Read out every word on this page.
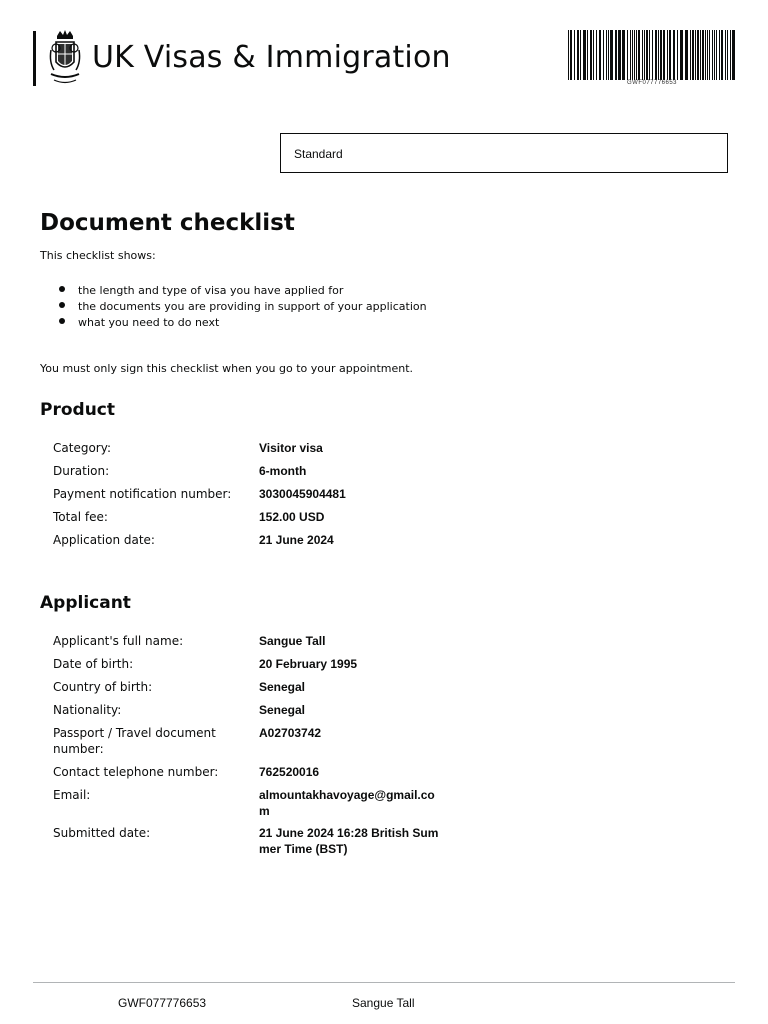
UK Visas & Immigration
GWF077776653
Standard
Document checklist
This checklist shows:
the length and type of visa you have applied for
the documents you are providing in support of your application
what you need to do next
You must only sign this checklist when you go to your appointment.
Product
Category:	Visitor visa
Duration:	6-month
Payment notification number: 3030045904481
Total fee:	152.00 USD
Application date:	21 June 2024
Applicant
Applicant's full name:	Sangue Tall
Date of birth:	20 February 1995
Country of birth:	Senegal
Nationality:	Senegal
Passport / Travel document number:
A02703742
Contact telephone number:	762520016
Email:	almountakhavoyage@gmail.com
Submitted date:	21 June 2024 16:28 British Summer Time (BST)
GWF077776653	Sangue Tall
